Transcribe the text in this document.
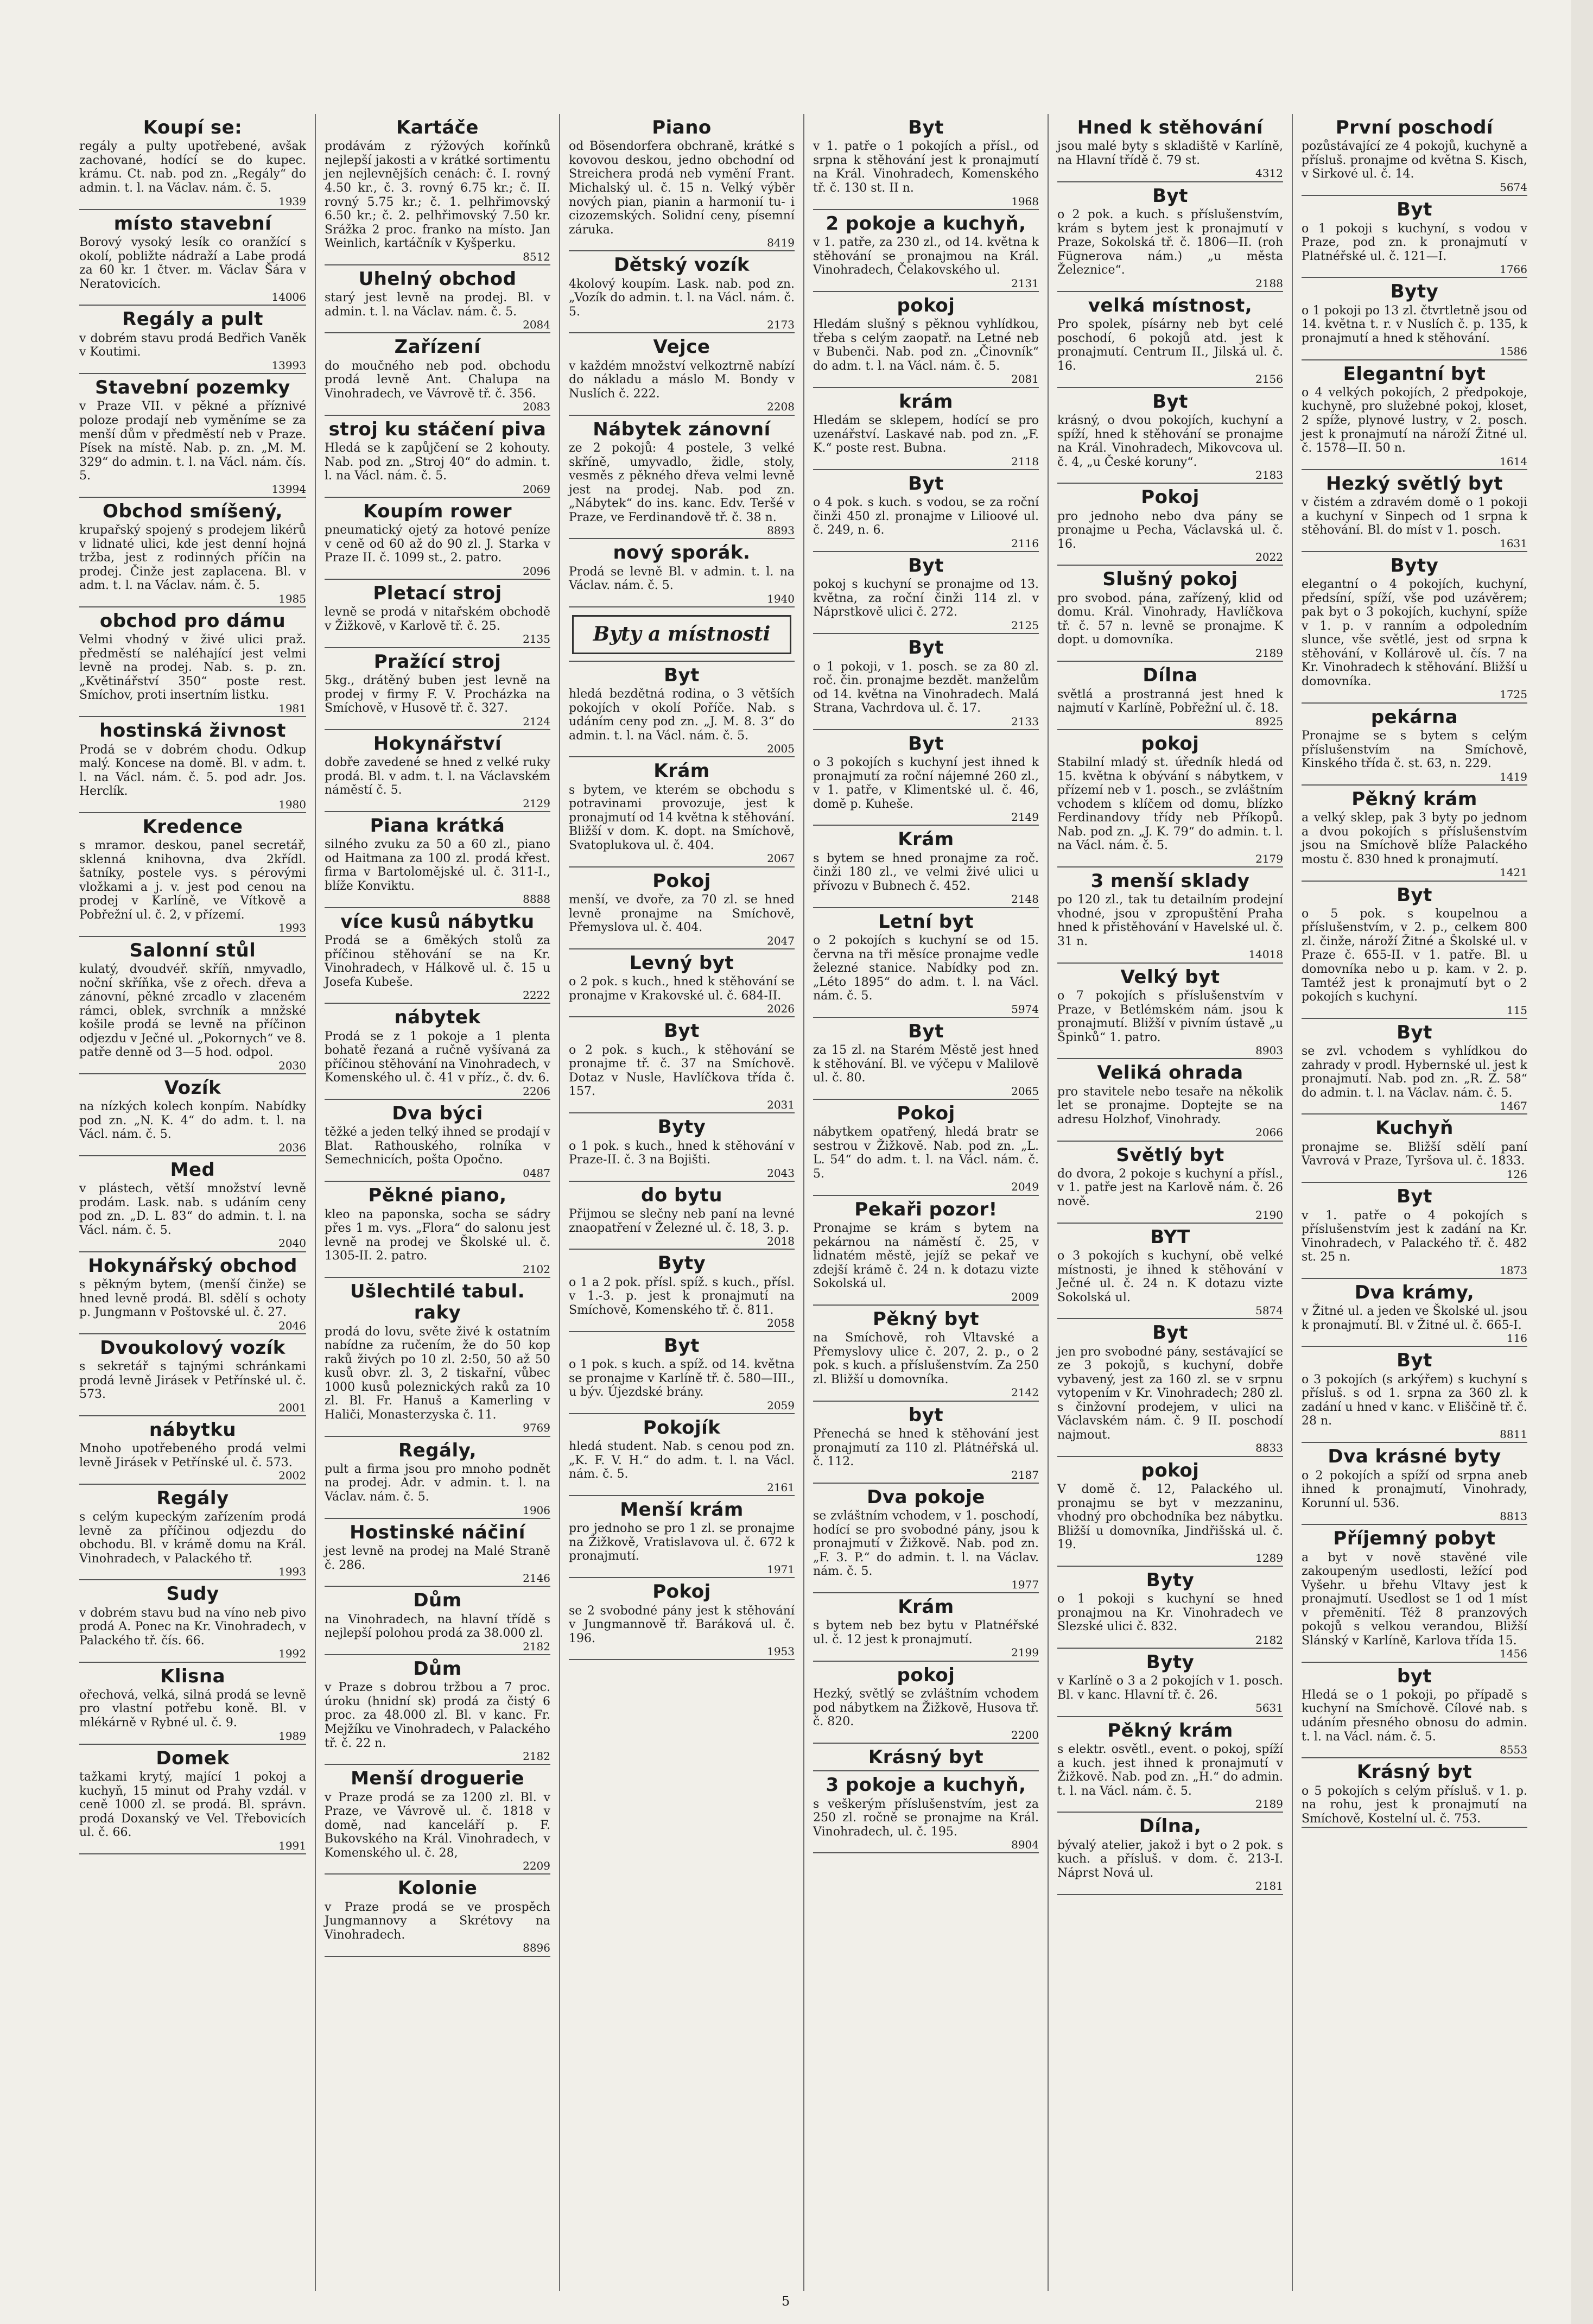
Koupí se:

regály a pulty upotřebené, avšak zachované, hodící se do kupec. krámu. Ct. nab. pod zn. „Regály“ do admin. t. l. na Václav. nám. č. 5.

1939
místo stavební

Borový vysoký lesík co oranžící s okolí, pobližte nádraží a Labe prodá za 60 kr. 1 čtver. m. Václav Šára v Neratovicích.

14006
Regály a pult

v dobrém stavu prodá Bedřich Vaněk v Koutimi.

13993
Stavební pozemky

v Praze VII. v pěkné a příznivé poloze prodají neb vyměníme se za menší dům v předměstí neb v Praze. Písek na místě. Nab. p. zn. „M. M. 329“ do admin. t. l. na Václ. nám. čís. 5.

13994
Obchod smíšený,

krupařský spojený s prodejem likérů v lidnaté ulici, kde jest denní hojná tržba, jest z rodinných příčin na prodej. Činže jest zaplacena. Bl. v adm. t. l. na Václav. nám. č. 5.

1985
obchod pro dámu

Velmi vhodný v živé ulici praž. předměstí se naléhající jest velmi levně na prodej. Nab. s. p. zn. „Květinářství 350“ poste rest. Smíchov, proti insertním listku.

1981
hostinská živnost

Prodá se v dobrém chodu. Odkup malý. Koncese na domě. Bl. v adm. t. l. na Václ. nám. č. 5. pod adr. Jos. Herclík.

1980
Kredence

s mramor. deskou, panel secretář, sklenná knihovna, dva 2křídl. šatníky, postele vys. s pérovými vložkami a j. v. jest pod cenou na prodej v Karlíně, ve Vítkově a Pobřežní ul. č. 2, v přízemí.

1993
Salonní stůl

kulatý, dvoudvéř. skříň, nmyvadlo, noční skříňka, vše z ořech. dřeva a zánovní, pěkné zrcadlo v zlaceném rámci, oblek, svrchník a mnžské košile prodá se levně na příčinon odjezdu v Ječné ul. „Pokornych“ ve 8. patře denně od 3—5 hod. odpol.

2030
Vozík

na nízkých kolech konpím. Nabídky pod zn. „N. K. 4“ do adm. t. l. na Václ. nám. č. 5.

2036
Med

v plástech, větší množství levně prodám. Lask. nab. s udáním ceny pod zn. „D. L. 83“ do admin. t. l. na Václ. nám. č. 5.

2040
Hokynářský obchod

s pěkným bytem, (menší činže) se hned levně prodá. Bl. sdělí s ochoty p. Jungmann v Poštovské ul. č. 27.

2046
Dvoukolový vozík

s sekretář s tajnými schránkami prodá levně Jirásek v Petřínské ul. č. 573.

2001
nábytku

Mnoho upotřebeného prodá velmi levně Jirásek v Petřínské ul. č. 573.

2002
Regály

s celým kupeckým zařízením prodá levně za příčinou odjezdu do obchodu. Bl. v krámě domu na Král. Vinohradech, v Palackého tř.

1993
Sudy

v dobrém stavu bud na víno neb pivo prodá A. Ponec na Kr. Vinohradech, v Palackého tř. čís. 66.

1992
Klisna

ořechová, velká, silná prodá se levně pro vlastní potřebu koně. Bl. v mlékárně v Rybné ul. č. 9.

1989
Domek

tažkami krytý, mající 1 pokoj a kuchyň, 15 minut od Prahy vzdál. v ceně 1000 zl. se prodá. Bl. správn. prodá Doxanský ve Vel. Třebovicích ul. č. 66.

1991
Kartáče

prodávám z rýžových kořínků nejlepší jakosti a v krátké sortimentu jen nejlevnějších cenách: č. I. rovný 4.50 kr., č. 3. rovný 6.75 kr.; č. II. rovný 5.75 kr.; č. 1. pelhřimovský 6.50 kr.; č. 2. pelhřimovský 7.50 kr. Srážka 2 proc. franko na místo. Jan Weinlich, kartáčník v Kyšperku.

8512
Uhelný obchod

starý jest levně na prodej. Bl. v admin. t. l. na Václav. nám. č. 5.

2084
Zařízení

do moučného neb pod. obchodu prodá levně Ant. Chalupa na Vinohradech, ve Vávrově tř. č. 356.

2083
stroj ku stáčení piva

Hledá se k zapůjčení se 2 kohouty. Nab. pod zn. „Stroj 40“ do admin. t. l. na Václ. nám. č. 5.

2069
Koupím rower

pneumatický ojetý za hotové peníze v ceně od 60 až do 90 zl. J. Starka v Praze II. č. 1099 st., 2. patro.

2096
Pletací stroj

levně se prodá v nitařském obchodě v Žižkově, v Karlově tř. č. 25.

2135
Pražící stroj

5kg., drátěný buben jest levně na prodej v firmy F. V. Procházka na Smíchově, v Husově tř. č. 327.

2124
Hokynářství

dobře zavedené se hned z velké ruky prodá. Bl. v adm. t. l. na Václavském náměstí č. 5.

2129
Piana krátká

silného zvuku za 50 a 60 zl., piano od Haitmana za 100 zl. prodá křest. firma v Bartolomějské ul. č. 311-I., blíže Konviktu.

8888
více kusů nábytku

Prodá se a 6měkých stolů za příčinou stěhování se na Kr. Vinohradech, v Hálkově ul. č. 15 u Josefa Kubeše.

2222
nábytek

Prodá se z 1 pokoje a 1 plenta bohatě řezaná a ručně vyšívaná za příčinou stěhování na Vinohradech, v Komenského ul. č. 41 v příz., č. dv. 6.

2206
Dva býci

těžké a jeden telký ihned se prodají v Blat. Rathouského, rolníka v Semechnicích, pošta Opočno.

0487
Pěkné piano,

kleo na paponska, socha se sádry přes 1 m. vys. „Flora“ do salonu jest levně na prodej ve Školské ul. č. 1305-II. 2. patro.

2102
Ušlechtilé tabul. raky

prodá do lovu, světe živé k ostatním nabídne za ručením, že do 50 kop raků živých po 10 zl. 2:50, 50 až 50 kusů obvr. zl. 3, 2 tiskařní, vůbec 1000 kusů poleznických raků za 10 zl. Bl. Fr. Hanuš a Kamerling v Haliči, Monasterzyska č. 11.

9769
Regály,

pult a firma jsou pro mnoho podnět na prodej. Adr. v admin. t. l. na Václav. nám. č. 5.

1906
Hostinské náčiní

jest levně na prodej na Malé Straně č. 286.

2146
Dům

na Vinohradech, na hlavní třídě s nejlepší polohou prodá za 38.000 zl.

2182
Dům

v Praze s dobrou tržbou a 7 proc. úroku (hnidní sk) prodá za čistý 6 proc. za 48.000 zl. Bl. v kanc. Fr. Mejžíku ve Vinohradech, v Palackého tř. č. 22 n.

2182
Menší droguerie

v Praze prodá se za 1200 zl. Bl. v Praze, ve Vávrově ul. č. 1818 v domě, nad kanceláří p. F. Bukovského na Král. Vinohradech, v Komenského ul. č. 28,

2209
Kolonie

v Praze prodá se ve prospěch Jungmannovy a Skrétovy na Vinohradech.

8896
Piano

od Bösendorfera obchraně, krátké s kovovou deskou, jedno obchodní od Streichera prodá neb vymění Frant. Michalský ul. č. 15 n. Velký výběr nových pian, pianin a harmonií tu- i cizozemských. Solidní ceny, písemní záruka.

8419
Dětský vozík

4kolový koupím. Lask. nab. pod zn. „Vozík do admin. t. l. na Václ. nám. č. 5.

2173
Vejce

v každém množství velkoztrně nabízí do nákladu a máslo M. Bondy v Nuslích č. 222.

2208
Nábytek zánovní

ze 2 pokojů: 4 postele, 3 velké skříně, umyvadlo, židle, stoly, vesměs z pěkného dřeva velmi levně jest na prodej. Nab. pod zn. „Nábytek“ do ins. kanc. Edv. Teršé v Praze, ve Ferdinandově tř. č. 38 n.

8893
nový sporák.

Prodá se levně Bl. v admin. t. l. na Václav. nám. č. 5.

1940
Byty a místnosti
Byt

hledá bezdětná rodina, o 3 větších pokojích v okolí Poříče. Nab. s udáním ceny pod zn. „J. M. 8. 3“ do admin. t. l. na Václ. nám. č. 5.

2005
Krám

s bytem, ve kterém se obchodu s potravinami provozuje, jest k pronajmutí od 14 května k stěhování. Bližší v dom. K. dopt. na Smíchově, Svatoplukova ul. č. 404.

2067
Pokoj

menší, ve dvoře, za 70 zl. se hned levně pronajme na Smíchově, Přemyslova ul. č. 404.

2047
Levný byt

o 2 pok. s kuch., hned k stěhování se pronajme v Krakovské ul. č. 684-II.

2026
Byt

o 2 pok. s kuch., k stěhování se pronajme tř. č. 37 na Smíchově. Dotaz v Nusle, Havlíčkova třída č. 157.

2031
Byty

o 1 pok. s kuch., hned k stěhování v Praze-II. č. 3 na Bojišti.

2043
do bytu

Přijmou se slečny neb paní na levné znaopatření v Železné ul. č. 18, 3. p.

2018
Byty

o 1 a 2 pok. přísl. spíž. s kuch., přísl. v 1.-3. p. jest k pronajmutí na Smíchově, Komenského tř. č. 811.

2058
Byt

o 1 pok. s kuch. a spíž. od 14. května se pronajme v Karlíně tř. č. 580—III., u býv. Újezdské brány.

2059
Pokojík

hledá student. Nab. s cenou pod zn. „K. F. V. H.“ do adm. t. l. na Václ. nám. č. 5.

2161
Menší krám

pro jednoho se pro 1 zl. se pronajme na Žižkově, Vratislavova ul. č. 672 k pronajmutí.

1971
Pokoj

se 2 svobodné pány jest k stěhování v Jungmannově tř. Baráková ul. č. 196.

1953
Byt

v 1. patře o 1 pokojích a přísl., od srpna k stěhování jest k pronajmutí na Král. Vinohradech, Komenského tř. č. 130 st. II n.

1968
2 pokoje a kuchyň,

v 1. patře, za 230 zl., od 14. května k stěhování se pronajmou na Král. Vinohradech, Čelakovského ul.

2131
pokoj

Hledám slušný s pěknou vyhlídkou, třeba s celým zaopatř. na Letné neb v Bubenči. Nab. pod zn. „Činovník“ do adm. t. l. na Václ. nám. č. 5.

2081
krám

Hledám se sklepem, hodící se pro uzenářství. Laskavé nab. pod zn. „F. K.“ poste rest. Bubna.

2118
Byt

o 4 pok. s kuch. s vodou, se za roční činži 450 zl. pronajme v Lilioové ul. č. 249, n. 6.

2116
Byt

pokoj s kuchyní se pronajme od 13. května, za roční činži 114 zl. v Náprstkově ulici č. 272.

2125
Byt

o 1 pokoji, v 1. posch. se za 80 zl. roč. čin. pronajme bezdět. manželům od 14. května na Vinohradech. Malá Strana, Vachrdova ul. č. 17.

2133
Byt

o 3 pokojích s kuchyní jest ihned k pronajmutí za roční nájemné 260 zl., v 1. patře, v Klimentské ul. č. 46, domě p. Kuheše.

2149
Krám

s bytem se hned pronajme za roč. činži 180 zl., ve velmi živé ulici u přívozu v Bubnech č. 452.

2148
Letní byt

o 2 pokojích s kuchyní se od 15. června na tři měsíce pronajme vedle železné stanice. Nabídky pod zn. „Léto 1895“ do adm. t. l. na Václ. nám. č. 5.

5974
Byt

za 15 zl. na Starém Městě jest hned k stěhování. Bl. ve výčepu v Malilově ul. č. 80.

2065
Pokoj

nábytkem opatřený, hledá bratr se sestrou v Žižkově. Nab. pod zn. „L. L. 54“ do adm. t. l. na Václ. nám. č. 5.

2049
Pekaři pozor!

Pronajme se krám s bytem na pekárnou na náměstí č. 25, v lidnatém městě, jejíž se pekař ve zdejší krámě č. 24 n. k dotazu vizte Sokolská ul.

2009
Pěkný byt

na Smíchově, roh Vltavské a Přemyslovy ulice č. 207, 2. p., o 2 pok. s kuch. a příslušenstvím. Za 250 zl. Bližší u domovníka.

2142
byt

Přenechá se hned k stěhování jest pronajmutí za 110 zl. Plátnéřská ul. č. 112.

2187
Dva pokoje

se zvláštním vchodem, v 1. poschodí, hodící se pro svobodné pány, jsou k pronajmutí v Žižkově. Nab. pod zn. „F. 3. P.“ do admin. t. l. na Václav. nám. č. 5.

1977
Krám

s bytem neb bez bytu v Platnéřské ul. č. 12 jest k pronajmutí.

2199
pokoj

Hezký, světlý se zvláštním vchodem pod nábytkem na Žižkově, Husova tř. č. 820.

2200
Krásný byt
3 pokoje a kuchyň,

s veškerým příslušenstvím, jest za 250 zl. ročně se pronajme na Král. Vinohradech, ul. č. 195.

8904
Hned k stěhování

jsou malé byty s skladiště v Karlíně, na Hlavní třídě č. 79 st.

4312
Byt

o 2 pok. a kuch. s příslušenstvím, krám s bytem jest k pronajmutí v Praze, Sokolská tř. č. 1806—II. (roh Fügnerova nám.) „u města Železnice“.

2188
velká místnost,

Pro spolek, písárny neb byt celé poschodí, 6 pokojů atd. jest k pronajmutí. Centrum II., Jilská ul. č. 16.

2156
Byt

krásný, o dvou pokojích, kuchyní a spíží, hned k stěhování se pronajme na Král. Vinohradech, Mikovcova ul. č. 4, „u České koruny“.

2183
Pokoj

pro jednoho nebo dva pány se pronajme u Pecha, Václavská ul. č. 16.

2022
Slušný pokoj

pro svobod. pána, zařízený, klid od domu. Král. Vinohrady, Havlíčkova tř. č. 57 n. levně se pronajme. K dopt. u domovníka.

2189
Dílna

světlá a prostranná jest hned k najmutí v Karlíně, Pobřežní ul. č. 18.

8925
pokoj

Stabilní mladý st. úředník hledá od 15. května k obývání s nábytkem, v přízemí neb v 1. posch., se zvláštním vchodem s klíčem od domu, blízko Ferdinandovy třídy neb Příkopů. Nab. pod zn. „J. K. 79“ do admin. t. l. na Václ. nám. č. 5.

2179
3 menší sklady

po 120 zl., tak tu detailním prodejní vhodné, jsou v zpropuštění Praha hned k přistěhování v Havelské ul. č. 31 n.

14018
Velký byt

o 7 pokojích s příslušenstvím v Praze, v Betlémském nám. jsou k pronajmutí. Bližší v pivním ústavě „u Špinků“ 1. patro.

8903
Veliká ohrada

pro stavitele nebo tesaře na několik let se pronajme. Doptejte se na adresu Holzhof, Vinohrady.

2066
Světlý byt

do dvora, 2 pokoje s kuchyní a přísl., v 1. patře jest na Karlově nám. č. 26 nově.

2190
BYT

o 3 pokojích s kuchyní, obě velké místnosti, je ihned k stěhování v Ječné ul. č. 24 n. K dotazu vizte Sokolská ul.

5874
Byt

jen pro svobodné pány, sestávající se ze 3 pokojů, s kuchyní, dobře vybavený, jest za 160 zl. se v srpnu vytopením v Kr. Vinohradech; 280 zl. s činžovní prodejem, v ulici na Václavském nám. č. 9 II. poschodí najmout.

8833
pokoj

V domě č. 12, Palackého ul. pronajmu se byt v mezzaninu, vhodný pro obchodníka bez nábytku. Bližší u domovníka, Jindřišská ul. č. 19.

1289
Byty

o 1 pokoji s kuchyní se hned pronajmou na Kr. Vinohradech ve Slezské ulici č. 832.

2182
Byty

v Karlíně o 3 a 2 pokojích v 1. posch. Bl. v kanc. Hlavní tř. č. 26.

5631
Pěkný krám

s elektr. osvětl., event. o pokoj, spíží a kuch. jest ihned k pronajmutí v Žižkově. Nab. pod zn. „H.“ do admin. t. l. na Václ. nám. č. 5.

2189
Dílna,

bývalý atelier, jakož i byt o 2 pok. s kuch. a přísluš. v dom. č. 213-I. Náprst Nová ul.

2181
První poschodí

pozůstávající ze 4 pokojů, kuchyně a přísluš. pronajme od května S. Kisch, v Sirkové ul. č. 14.

5674
Byt

o 1 pokoji s kuchyní, s vodou v Praze, pod zn. k pronajmutí v Platnéřské ul. č. 121—I.

1766
Byty

o 1 pokoji po 13 zl. čtvrtletně jsou od 14. května t. r. v Nuslích č. p. 135, k pronajmutí a hned k stěhování.

1586
Elegantní byt

o 4 velkých pokojích, 2 předpokoje, kuchyně, pro služebné pokoj, kloset, 2 spíže, plynové lustry, v 2. posch. jest k pronajmutí na nároží Žitné ul. č. 1578—II. 50 n.

1614
Hezký světlý byt

v čistém a zdravém domě o 1 pokoji a kuchyní v Sinpech od 1 srpna k stěhování. Bl. do míst v 1. posch.

1631
Byty

elegantní o 4 pokojích, kuchyní, předsíní, spíží, vše pod uzávěrem; pak byt o 3 pokojích, kuchyní, spíže v 1. p. v ranním a odpoledním slunce, vše světlé, jest od srpna k stěhování, v Kollárově ul. čís. 7 na Kr. Vinohradech k stěhování. Bližší u domovníka.

1725
pekárna

Pronajme se s bytem s celým příslušenstvím na Smíchově, Kinského třída č. st. 63, n. 229.

1419
Pěkný krám

a velký sklep, pak 3 byty po jednom a dvou pokojích s příslušenstvím jsou na Smíchově blíže Palackého mostu č. 830 hned k pronajmutí.

1421
Byt

o 5 pok. s koupelnou a příslušenstvím, v 2. p., celkem 800 zl. činže, nároží Žitné a Školské ul. v Praze č. 655-II. v 1. patře. Bl. u domovníka nebo u p. kam. v 2. p. Tamtéž jest k pronajmutí byt o 2 pokojích s kuchyní.

115
Byt

se zvl. vchodem s vyhlídkou do zahrady v prodl. Hybernské ul. jest k pronajmutí. Nab. pod zn. „R. Z. 58“ do admin. t. l. na Václav. nám. č. 5.

1467
Kuchyň

pronajme se. Bližší sdělí paní Vavrová v Praze, Tyršova ul. č. 1833.

126
Byt

v 1. patře o 4 pokojích s příslušenstvím jest k zadání na Kr. Vinohradech, v Palackého tř. č. 482 st. 25 n.

1873
Dva krámy,

v Žitné ul. a jeden ve Školské ul. jsou k pronajmutí. Bl. v Žitné ul. č. 665-I.

116
Byt

o 3 pokojích (s arkýřem) s kuchyní s přísluš. s od 1. srpna za 360 zl. k zadání u hned v kanc. v Eliščině tř. č. 28 n.

8811
Dva krásné byty

o 2 pokojích a spíží od srpna aneb ihned k pronajmutí, Vinohrady, Korunní ul. 536.

8813
Příjemný pobyt

a byt v nově stavěné vile zakoupeným usedlosti, ležící pod Vyšehr. u břehu Vltavy jest k pronajmutí. Usedlost se 1 od 1 míst v přeměnití. Též 8 pranzových pokojů s velkou verandou, Bližší Slánský v Karlíně, Karlova třída 15.

1456
byt

Hledá se o 1 pokoji, po případě s kuchyní na Smíchově. Cílové nab. s udáním přesného obnosu do admin. t. l. na Václ. nám. č. 5.

8553
Krásný byt

o 5 pokojích s celým přísluš. v 1. p. na rohu, jest k pronajmutí na Smíchově, Kostelní ul. č. 753.

5
